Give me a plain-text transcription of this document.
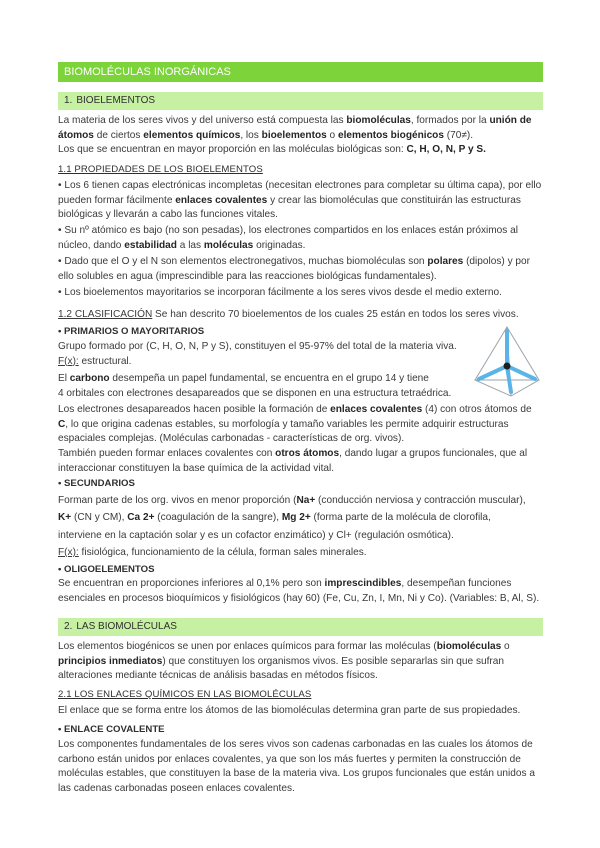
BIOMOLÉCULAS INORGÁNICAS
1. BIOELEMENTOS

La materia de los seres vivos y del universo está compuesta las biomoléculas, formados por la unión de átomos de ciertos elementos químicos, los bioelementos o elementos biogénicos (70≠).

Los que se encuentran en mayor proporción en las moléculas biológicas son: C, H, O, N, P y S.

1.1 PROPIEDADES DE LOS BIOELEMENTOS

• Los 6 tienen capas electrónicas incompletas (necesitan electrones para completar su última capa), por ello pueden formar fácilmente enlaces covalentes y crear las biomoléculas que constituirán las estructuras biológicas y llevarán a cabo las funciones vitales.

• Su nº atómico es bajo (no son pesadas), los electrones compartidos en los enlaces están próximos al núcleo, dando estabilidad a las moléculas originadas.

• Dado que el O y el N son elementos electronegativos, muchas biomoléculas son polares (dipolos) y por ello solubles en agua (imprescindible para las reacciones biológicas fundamentales).

• Los bioelementos mayoritarios se incorporan fácilmente a los seres vivos desde el medio externo.

1.2 CLASIFICACIÓN Se han descrito 70 bioelementos de los cuales 25 están en todos los seres vivos.

• PRIMARIOS O MAYORITARIOS

Grupo formado por (C, H, O, N, P y S), constituyen el 95-97% del total de la materia viva.

F(x): estructural.

El carbono desempeña un papel fundamental, se encuentra en el grupo 14 y tiene

4 orbitales con electrones desapareados que se disponen en una estructura tetraédrica.

Los electrones desapareados hacen posible la formación de enlaces covalentes (4) con otros átomos de C, lo que origina cadenas estables, su morfología y tamaño variables les permite adquirir estructuras espaciales complejas. (Moléculas carbonadas - características de org. vivos).

También pueden formar enlaces covalentes con otros átomos, dando lugar a grupos funcionales, que al interaccionar constituyen la base química de la actividad vital.

• SECUNDARIOS

Forman parte de los org. vivos en menor proporción (Na+ (conducción nerviosa y contracción muscular),

K+ (CN y CM), Ca 2+ (coagulación de la sangre), Mg 2+ (forma parte de la molécula de clorofila,

interviene en la captación solar y es un cofactor enzimático) y Cl+ (regulación osmótica).

F(x): fisiológica, funcionamiento de la célula, forman sales minerales.

• OLIGOELEMENTOS

Se encuentran en proporciones inferiores al 0,1% pero son imprescindibles, desempeñan funciones esenciales en procesos bioquímicos y fisiológicos (hay 60) (Fe, Cu, Zn, I, Mn, Ni y Co). (Variables: B, Al, S).

2. LAS BIOMOLÉCULAS

Los elementos biogénicos se unen por enlaces químicos para formar las moléculas (biomoléculas o principios inmediatos) que constituyen los organismos vivos. Es posible separarlas sin que sufran alteraciones mediante técnicas de análisis basadas en métodos físicos.

2.1 LOS ENLACES QUÍMICOS EN LAS BIOMOLÉCULAS

El enlace que se forma entre los átomos de las biomoléculas determina gran parte de sus propiedades.

• ENLACE COVALENTE

Los componentes fundamentales de los seres vivos son cadenas carbonadas en las cuales los átomos de carbono están unidos por enlaces covalentes, ya que son los más fuertes y permiten la construcción de moléculas estables, que constituyen la base de la materia viva. Los grupos funcionales que están unidos a las cadenas carbonadas poseen enlaces covalentes.
